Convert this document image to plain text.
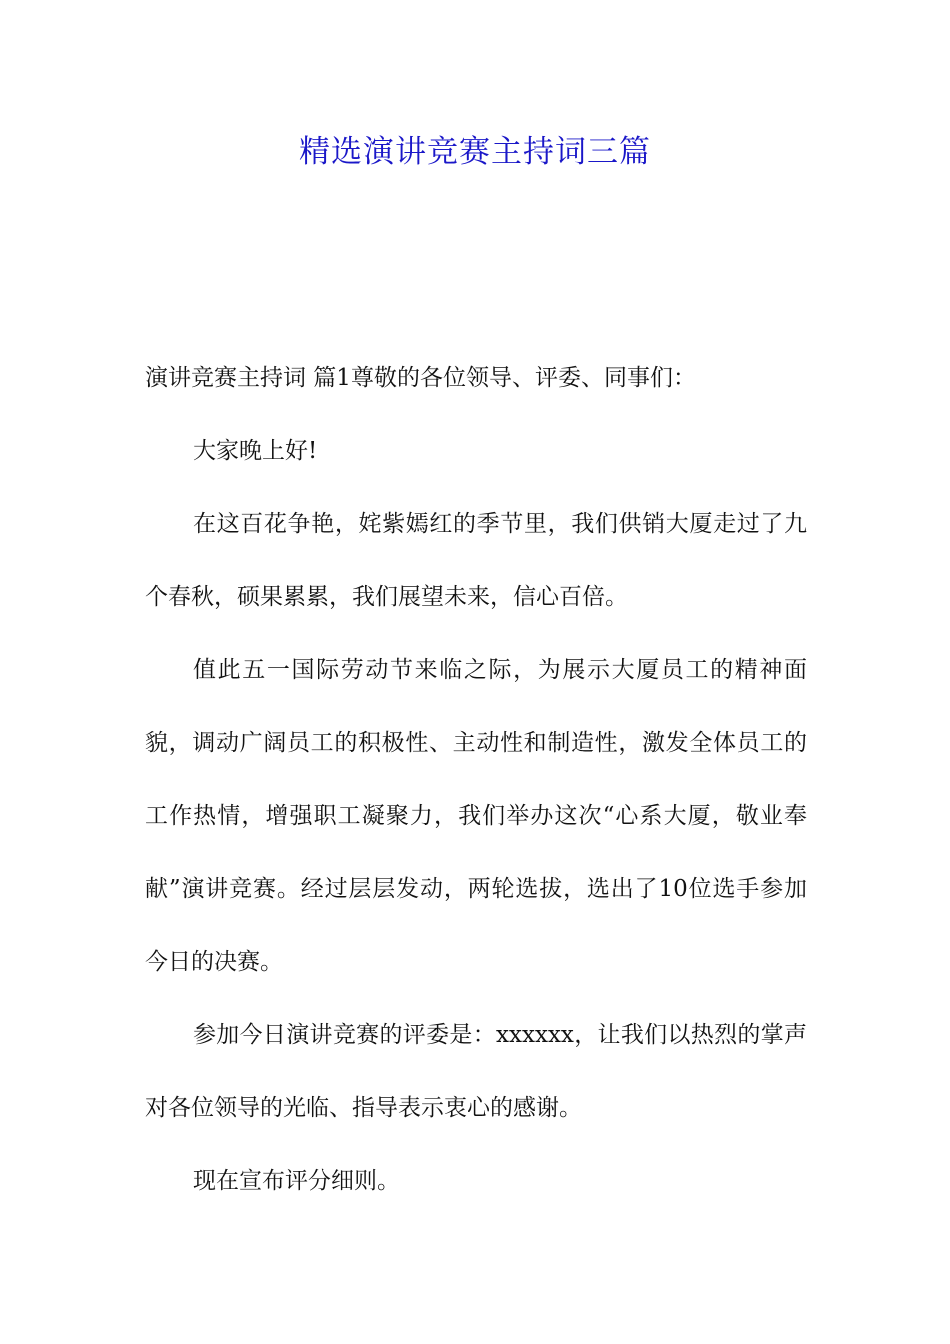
精选演讲竞赛主持词三篇

演讲竞赛主持词 篇1尊敬的各位领导、评委、同事们：

大家晚上好!

在这百花争艳，姹紫嫣红的季节里，我们供销大厦走过了九个春秋，硕果累累，我们展望未来，信心百倍。

值此五一国际劳动节来临之际，为展示大厦员工的精神面貌，调动广阔员工的积极性、主动性和制造性，激发全体员工的工作热情，增强职工凝聚力，我们举办这次“心系大厦，敬业奉献”演讲竞赛。经过层层发动，两轮选拔，选出了10位选手参加今日的决赛。

参加今日演讲竞赛的评委是：xxxxxx，让我们以热烈的掌声对各位领导的光临、指导表示衷心的感谢。

现在宣布评分细则。
